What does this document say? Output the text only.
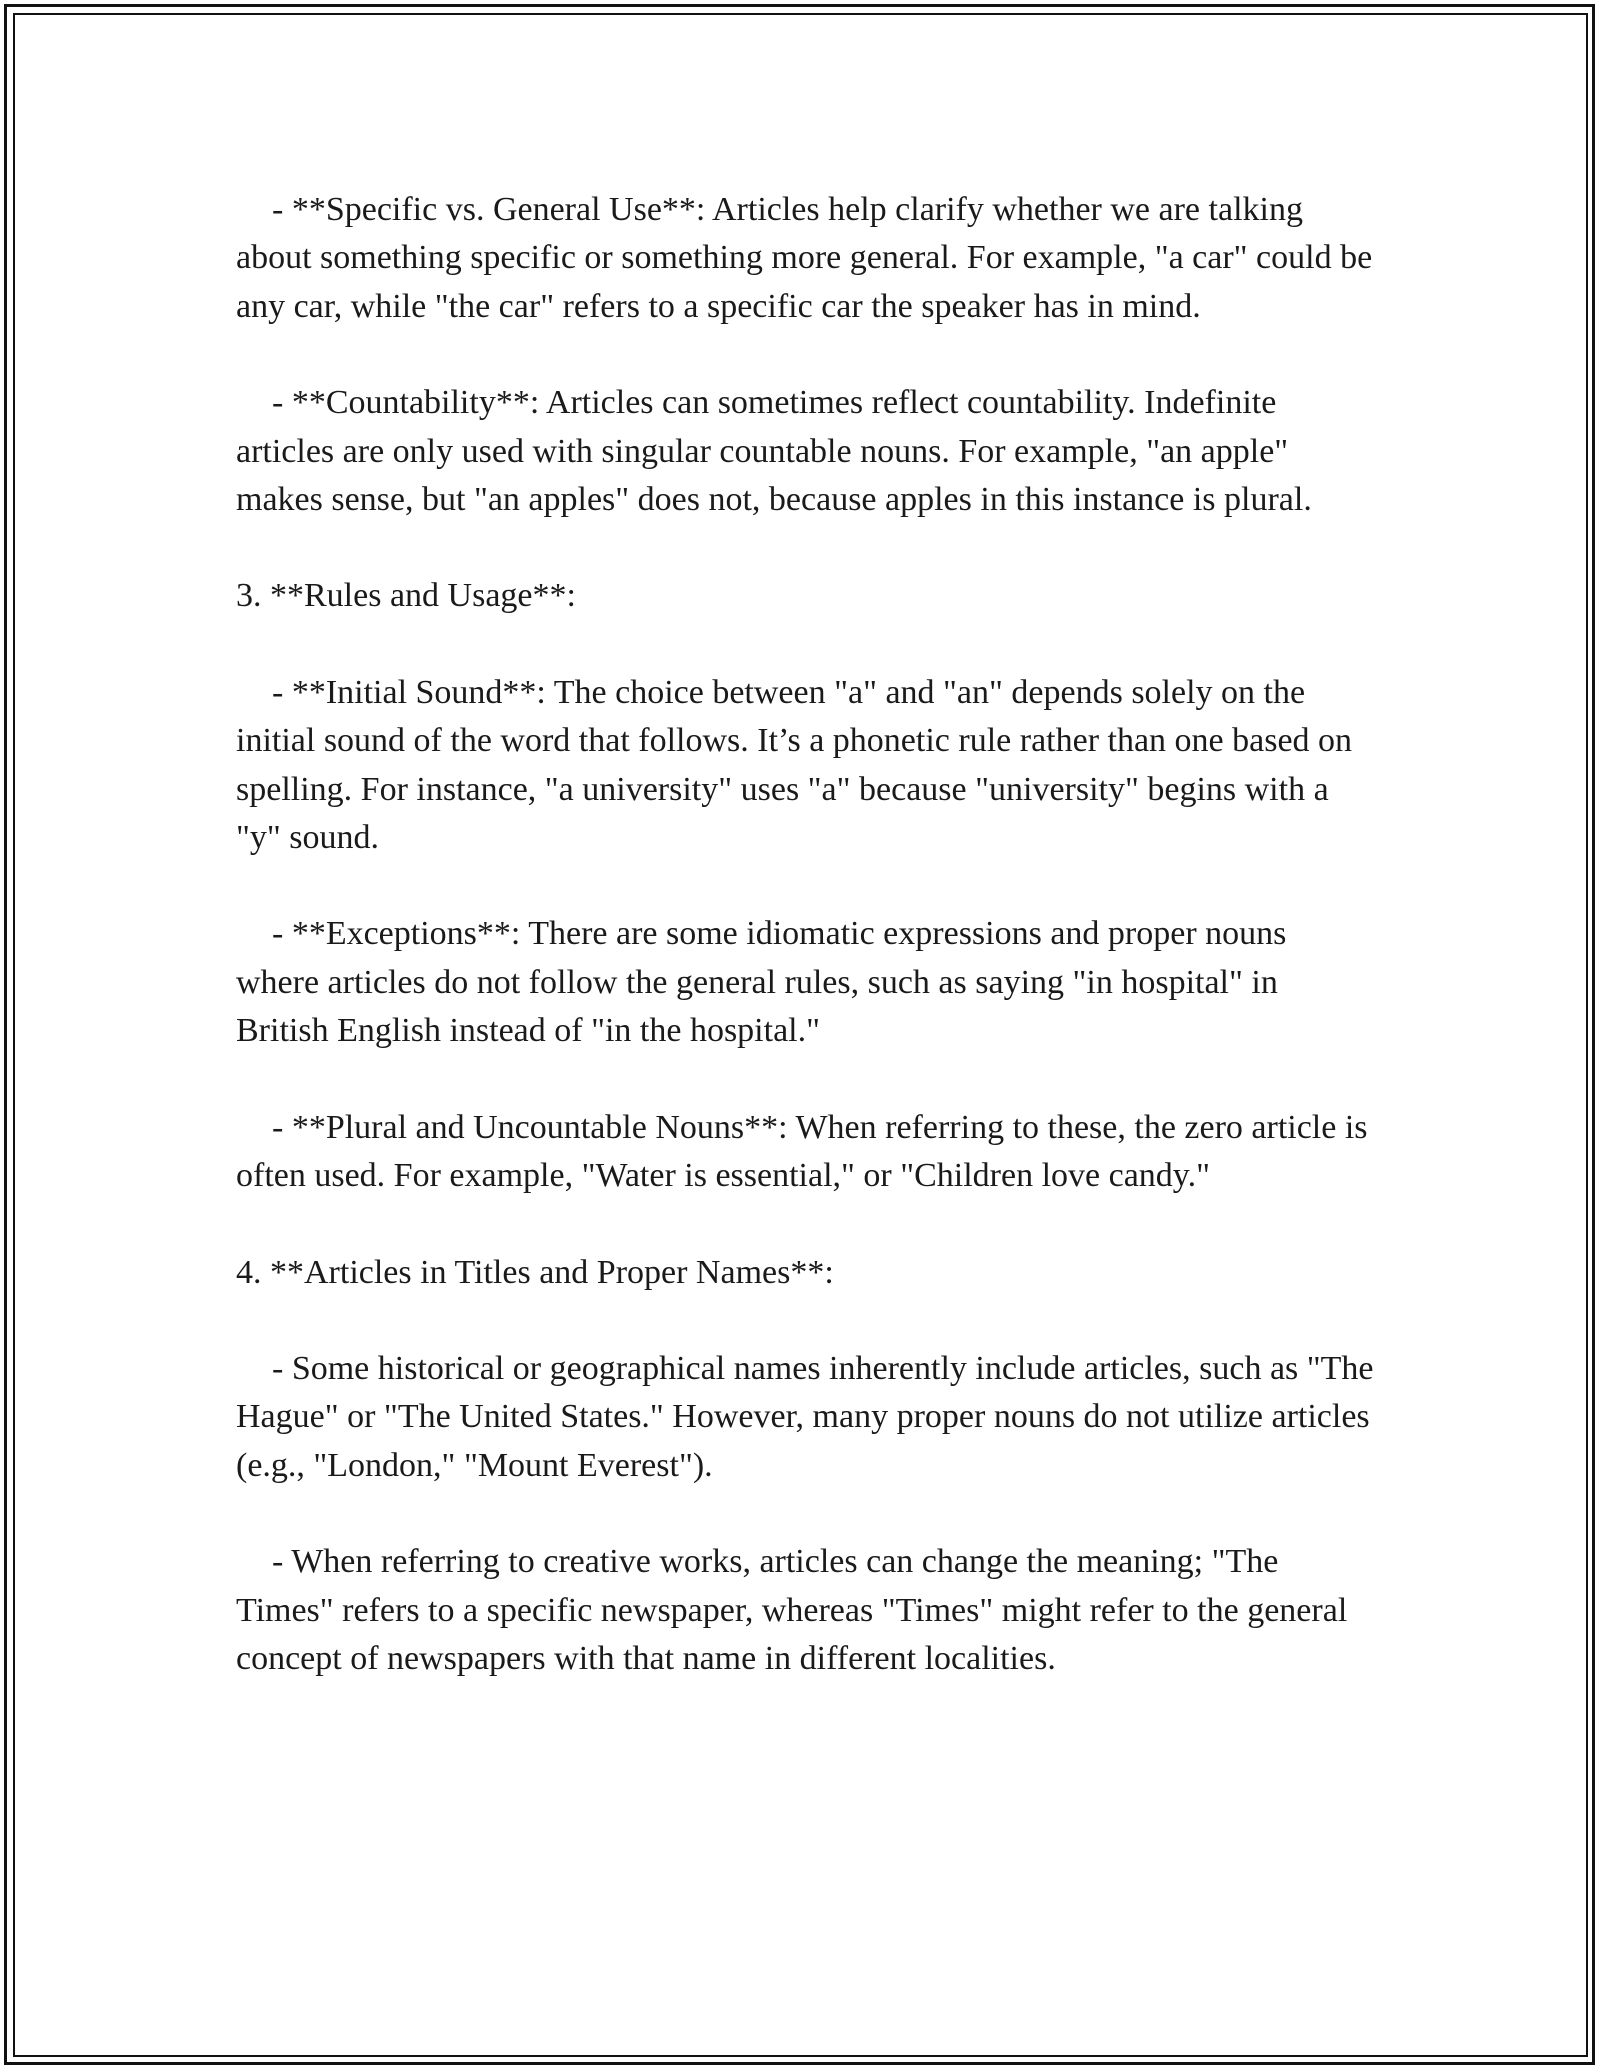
- **Specific vs. General Use**: Articles help clarify whether we are talking about something specific or something more general. For example, "a car" could be any car, while "the car" refers to a specific car the speaker has in mind.

- **Countability**: Articles can sometimes reflect countability. Indefinite articles are only used with singular countable nouns. For example, "an apple" makes sense, but "an apples" does not, because apples in this instance is plural.

3. **Rules and Usage**:

- **Initial Sound**: The choice between "a" and "an" depends solely on the initial sound of the word that follows. It’s a phonetic rule rather than one based on spelling. For instance, "a university" uses "a" because "university" begins with a "y" sound.

- **Exceptions**: There are some idiomatic expressions and proper nouns where articles do not follow the general rules, such as saying "in hospital" in British English instead of "in the hospital."

- **Plural and Uncountable Nouns**: When referring to these, the zero article is often used. For example, "Water is essential," or "Children love candy."

4. **Articles in Titles and Proper Names**:

- Some historical or geographical names inherently include articles, such as "The Hague" or "The United States." However, many proper nouns do not utilize articles (e.g., "London," "Mount Everest").

- When referring to creative works, articles can change the meaning; "The Times" refers to a specific newspaper, whereas "Times" might refer to the general concept of newspapers with that name in different localities.
